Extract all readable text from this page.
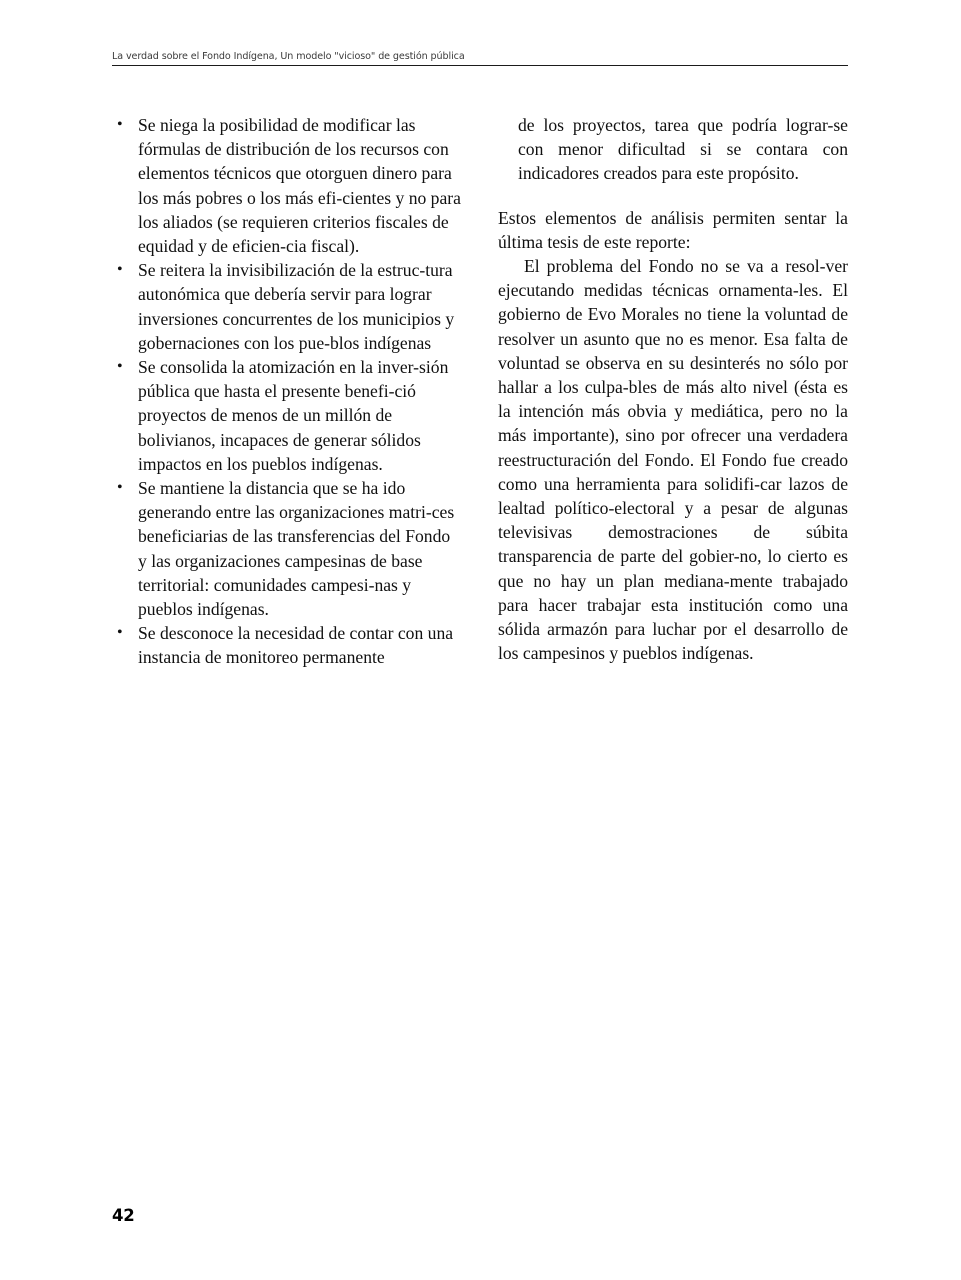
La verdad sobre el Fondo Indígena, Un modelo "vicioso" de gestión pública
• Se niega la posibilidad de modificar las fórmulas de distribución de los recursos con elementos técnicos que otorguen dinero para los más pobres o los más efi-cientes y no para los aliados (se requieren criterios fiscales de equidad y de eficien-cia fiscal).
• Se reitera la invisibilización de la estruc-tura autonómica que debería servir para lograr inversiones concurrentes de los municipios y gobernaciones con los pue-blos indígenas
• Se consolida la atomización en la inver-sión pública que hasta el presente benefi-ció proyectos de menos de un millón de bolivianos, incapaces de generar sólidos impactos en los pueblos indígenas.
• Se mantiene la distancia que se ha ido generando entre las organizaciones matri-ces beneficiarias de las transferencias del Fondo y las organizaciones campesinas de base territorial: comunidades campesi-nas y pueblos indígenas.
• Se desconoce la necesidad de contar con una instancia de monitoreo permanente

de los proyectos, tarea que podría lograr-se con menor dificultad si se contara con indicadores creados para este propósito.

Estos elementos de análisis permiten sentar la última tesis de este reporte:

El problema del Fondo no se va a resol-ver ejecutando medidas técnicas ornamenta-les. El gobierno de Evo Morales no tiene la voluntad de resolver un asunto que no es menor. Esa falta de voluntad se observa en su desinterés no sólo por hallar a los culpa-bles de más alto nivel (ésta es la intención más obvia y mediática, pero no la más importante), sino por ofrecer una verdadera reestructuración del Fondo. El Fondo fue creado como una herramienta para solidifi-car lazos de lealtad político-electoral y a pesar de algunas televisivas demostraciones de súbita transparencia de parte del gobier-no, lo cierto es que no hay un plan mediana-mente trabajado para hacer trabajar esta institución como una sólida armazón para luchar por el desarrollo de los campesinos y pueblos indígenas.

42
